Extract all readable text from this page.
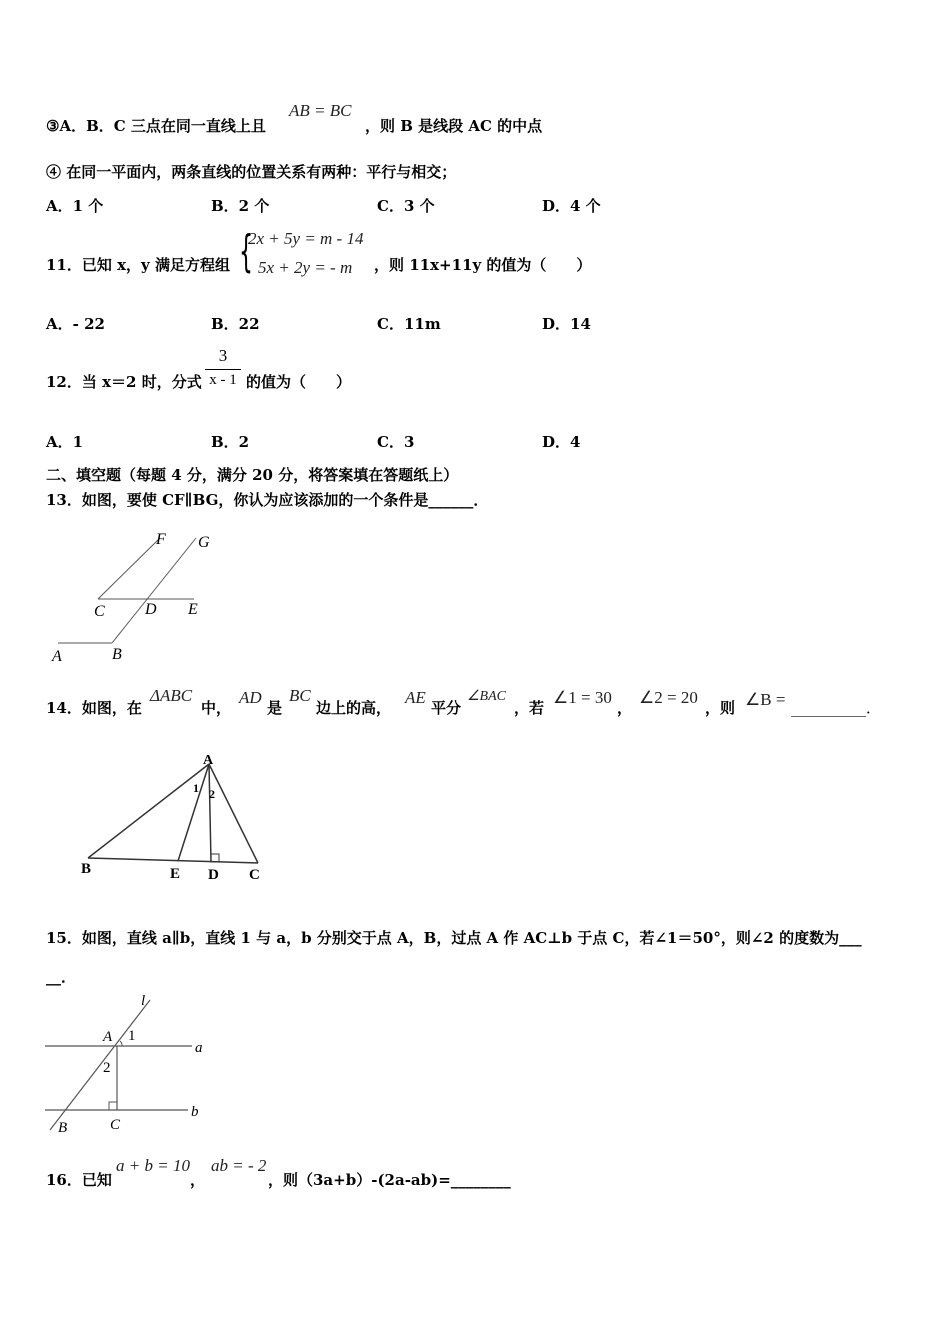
③A．B．C 三点在同一直线上且
AB = BC
，则 B 是线段 AC 的中点
④ 在同一平面内，两条直线的位置关系有两种：平行与相交；
A．1 个	B．2 个	C．3 个	D．4 个
11．已知 x，y 满足方程组 {
2x + 5y = m - 14
5x + 2y = - m ，则 11x+11y 的值为（　　）
A．- 22	B．22	C．11m	D．14
12．当 x＝2 时，分式
3
x - 1 的值为（　　）
A．1	B．2	C．3	D．4
二、填空题（每题 4 分，满分 20 分，将答案填在答题纸上）
13．如图，要使 CF∥BG，你认为应该添加的一个条件是______．
F G
C	D E
A	B
14．如图，在
ΔABC
中，
AD
是
BC
边上的高，
AE
平分
∠BAC
，若
∠1 = 30
，
∠2 = 20
，则 ∠B = __________．
A
B	E D C
1 2
15．如图，直线 a∥b，直线 1 与 a，b 分别交于点 A，B，过点 A 作 AC⊥b 于点 C，若∠1＝50°，则∠2 的度数为___
__．
l
A 1
a
2
B	C
b
16．已知
a + b = 10
，
ab = - 2
，则（3a+b）-(2a-ab)=________
